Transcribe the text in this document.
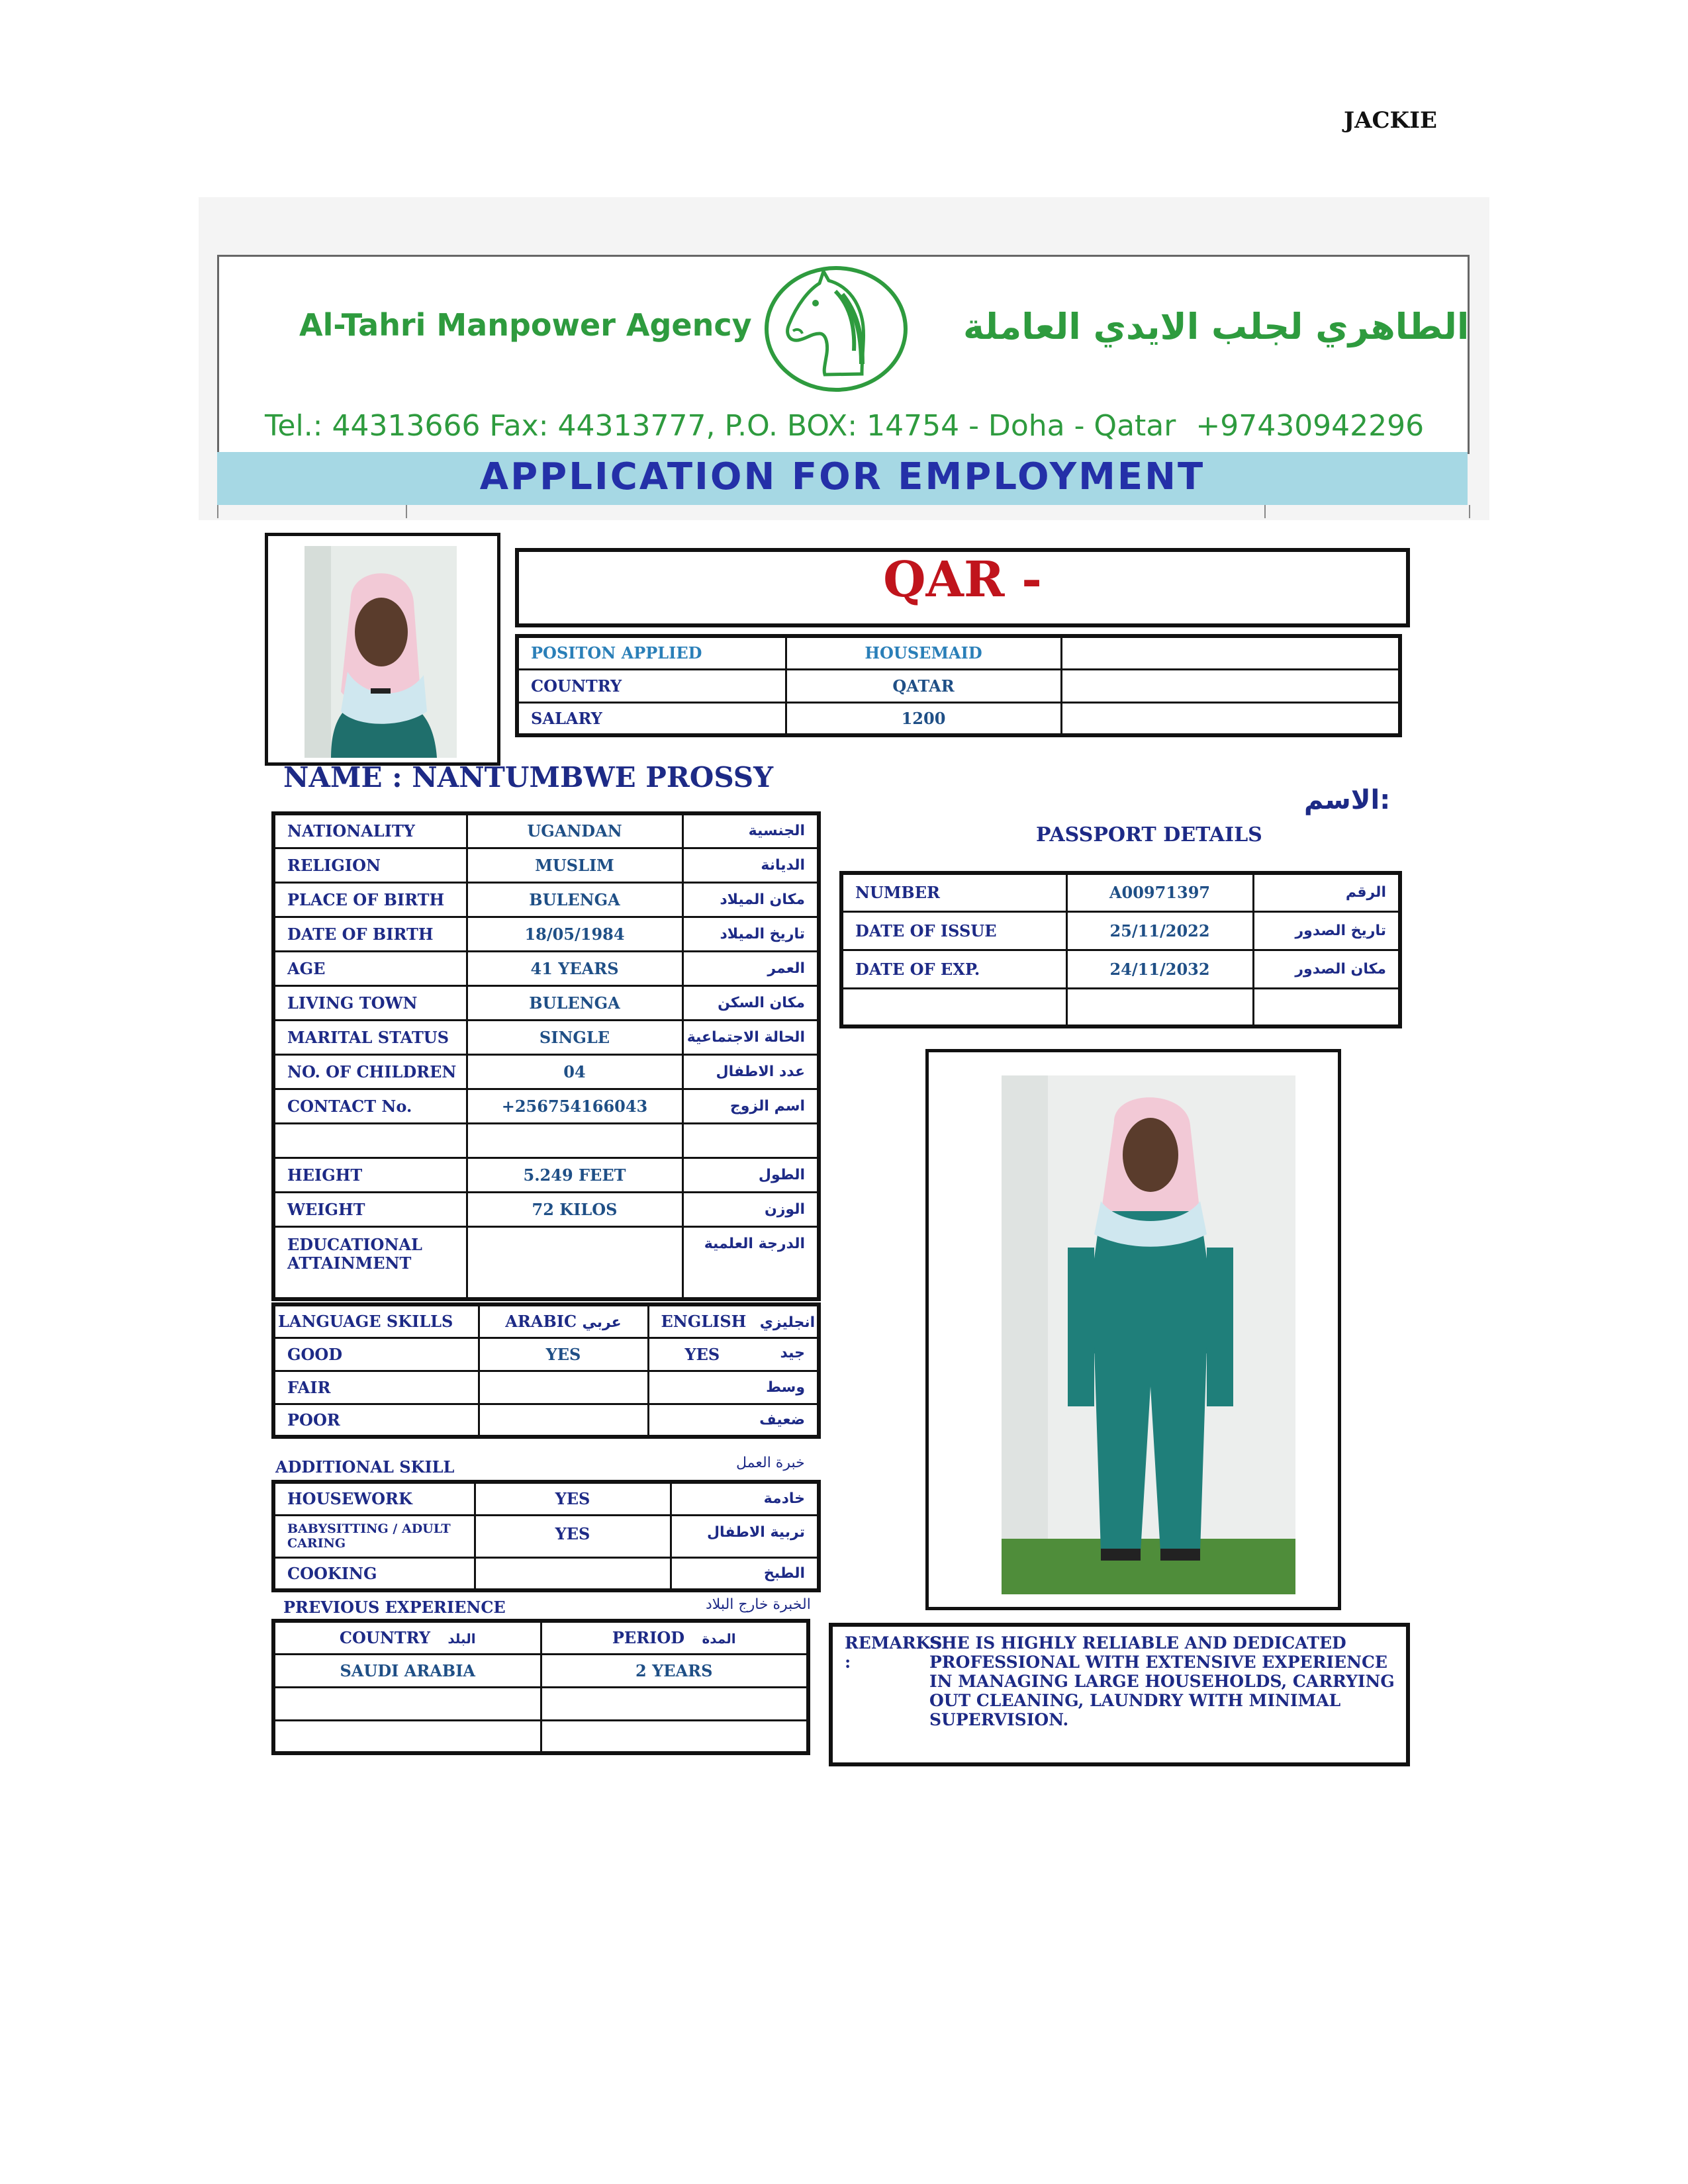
JACKIE
Al-Tahri Manpower Agency	الطاهري لجلب الايدي العاملة
Tel.: 44313666 Fax: 44313777, P.O. BOX: 14754 - Doha - Qatar +97430942296
APPLICATION FOR EMPLOYMENT
QAR -
POSITON APPLIED	HOUSEMAID	
COUNTRY	QATAR	
SALARY	1200	
NAME : NANTUMBWE PROSSY
الاسم:
NATIONALITY	UGANDAN	الجنسية
RELIGION	MUSLIM	الديانة
PLACE OF BIRTH	BULENGA	مكان الميلاد
DATE OF BIRTH	18/05/1984	تاريخ الميلاد
AGE	41 YEARS	العمر
LIVING TOWN	BULENGA	مكان السكن
MARITAL STATUS	SINGLE	الحالة الاجتماعية
NO. OF CHILDREN	04	عدد الاطفال
CONTACT No.	+256754166043	اسم الزوج

HEIGHT	5.249 FEET	الطول
WEIGHT	72 KILOS	الوزن

EDUCATIONAL
ATTAINMENT		الدرجة العلمية
PASSPORT DETAILS
NUMBER	A00971397	الرقم
DATE OF ISSUE	25/11/2022	تاريخ الصدور
DATE OF EXP.	24/11/2032	مكان الصدور

LANGUAGE SKILLS	ARABIC عربي	ENGLISH انجليزي
GOOD	YES	YES جيد

FAIR		وسط

POOR		ضعيف
ADDITIONAL SKILL	خبرة العمل
HOUSEWORK	YES	خادمة
BABYSITTING / ADULT CARING	YES	تربية الاطفال
COOKING		الطبخ
PREVIOUS EXPERIENCE	الخبرة خارج البلاد
COUNTRY البلد	PERIOD المدة
SAUDI ARABIA	2 YEARS

REMARKS :
SHE IS HIGHLY RELIABLE AND DEDICATED PROFESSIONAL WITH EXTENSIVE EXPERIENCE IN MANAGING LARGE HOUSEHOLDS, CARRYING OUT CLEANING, LAUNDRY WITH MINIMAL SUPERVISION.
